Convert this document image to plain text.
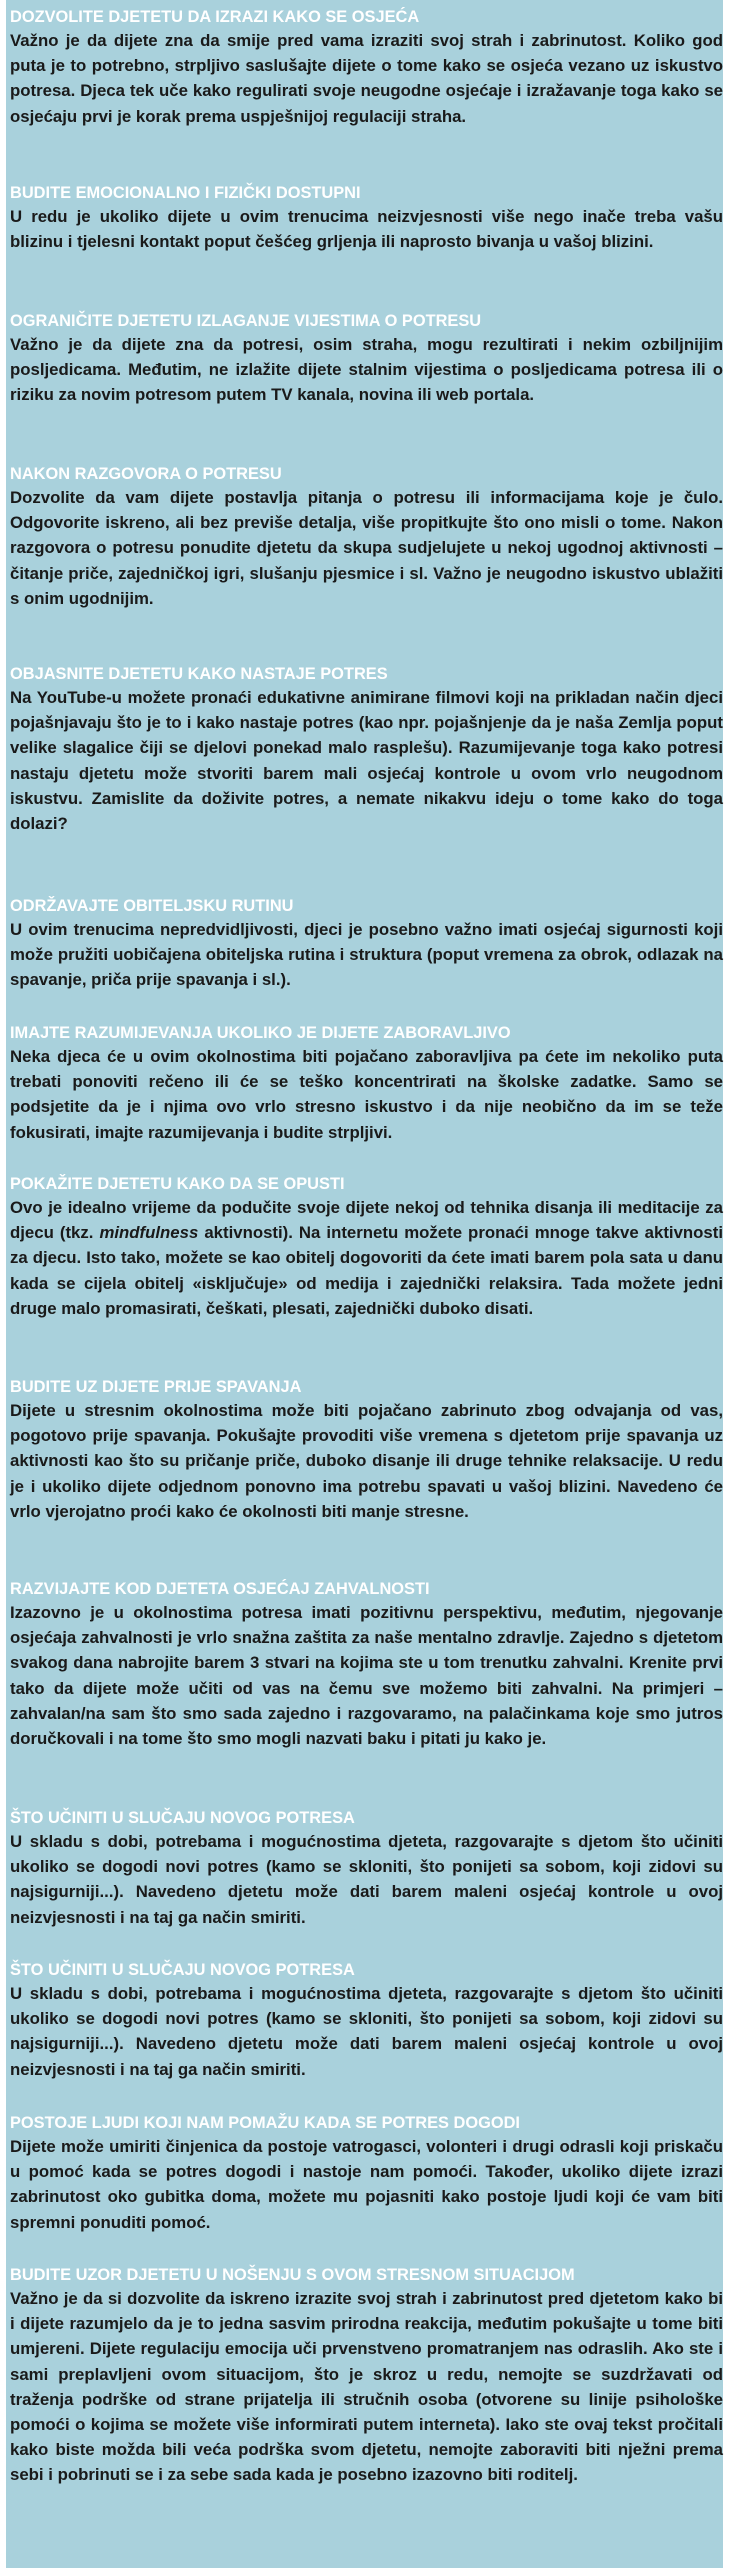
DOZVOLITE DJETETU DA IZRAZI KAKO SE OSJEĆA
Važno je da dijete zna da smije pred vama izraziti svoj strah i zabrinutost. Koliko god puta je to potrebno, strpljivo saslušajte dijete o tome kako se osjeća vezano uz iskustvo potresa. Djeca tek uče kako regulirati svoje neugodne osjećaje i izražavanje toga kako se osjećaju prvi je korak prema uspješnijoj regulaciji straha.
BUDITE EMOCIONALNO I FIZIČKI DOSTUPNI
U redu je ukoliko dijete u ovim trenucima neizvjesnosti više nego inače treba vašu blizinu i tjelesni kontakt poput češćeg grljenja ili naprosto bivanja u vašoj blizini.
OGRANIČITE DJETETU IZLAGANJE VIJESTIMA O POTRESU
Važno je da dijete zna da potresi, osim straha, mogu rezultirati i nekim ozbiljnijim posljedicama. Međutim, ne izlažite dijete stalnim vijestima o posljedicama potresa ili o riziku za novim potresom putem TV kanala, novina ili web portala.
NAKON RAZGOVORA O POTRESU
Dozvolite da vam dijete postavlja pitanja o potresu ili informacijama koje je čulo. Odgovorite iskreno, ali bez previše detalja, više propitkujte što ono misli o tome. Nakon razgovora o potresu ponudite djetetu da skupa sudjelujete u nekoj ugodnoj aktivnosti – čitanje priče, zajedničkoj igri, slušanju pjesmice i sl. Važno je neugodno iskustvo ublažiti s onim ugodnijim.
OBJASNITE DJETETU KAKO NASTAJE POTRES
Na YouTube-u možete pronaći edukativne animirane filmovi koji na prikladan način djeci pojašnjavaju što je to i kako nastaje potres (kao npr. pojašnjenje da je naša Zemlja poput velike slagalice čiji se djelovi ponekad malo rasplešu). Razumijevanje toga kako potresi nastaju djetetu može stvoriti barem mali osjećaj kontrole u ovom vrlo neugodnom iskustvu. Zamislite da doživite potres, a nemate nikakvu ideju o tome kako do toga dolazi?
ODRŽAVAJTE OBITELJSKU RUTINU
U ovim trenucima nepredvidljivosti, djeci je posebno važno imati osjećaj sigurnosti koji može pružiti uobičajena obiteljska rutina i struktura (poput vremena za obrok, odlazak na spavanje, priča prije spavanja i sl.).
IMAJTE RAZUMIJEVANJA UKOLIKO JE DIJETE ZABORAVLJIVO
Neka djeca će u ovim okolnostima biti pojačano zaboravljiva pa ćete im nekoliko puta trebati ponoviti rečeno ili će se teško koncentrirati na školske zadatke. Samo se podsjetite da je i njima ovo vrlo stresno iskustvo i da nije neobično da im se teže fokusirati, imajte razumijevanja i budite strpljivi.
POKAŽITE DJETETU KAKO DA SE OPUSTI
Ovo je idealno vrijeme da podučite svoje dijete nekoj od tehnika disanja ili meditacije za djecu (tkz. mindfulness aktivnosti). Na internetu možete pronaći mnoge takve aktivnosti za djecu. Isto tako, možete se kao obitelj dogovoriti da ćete imati barem pola sata u danu kada se cijela obitelj «isključuje» od medija i zajednički relaksira. Tada možete jedni druge malo promasirati, češkati, plesati, zajednički duboko disati.
BUDITE UZ DIJETE PRIJE SPAVANJA
Dijete u stresnim okolnostima može biti pojačano zabrinuto zbog odvajanja od vas, pogotovo prije spavanja. Pokušajte provoditi više vremena s djetetom prije spavanja uz aktivnosti kao što su pričanje priče, duboko disanje ili druge tehnike relaksacije. U redu je i ukoliko dijete odjednom ponovno ima potrebu spavati u vašoj blizini. Navedeno će vrlo vjerojatno proći kako će okolnosti biti manje stresne.
RAZVIJAJTE KOD DJETETA OSJEĆAJ ZAHVALNOSTI
Izazovno je u okolnostima potresa imati pozitivnu perspektivu, međutim, njegovanje osjećaja zahvalnosti je vrlo snažna zaštita za naše mentalno zdravlje. Zajedno s djetetom svakog dana nabrojite barem 3 stvari na kojima ste u tom trenutku zahvalni. Krenite prvi tako da dijete može učiti od vas na čemu sve možemo biti zahvalni. Na primjeri – zahvalan/na sam što smo sada zajedno i razgovaramo, na palačinkama koje smo jutros doručkovali i na tome što smo mogli nazvati baku i pitati ju kako je.
ŠTO UČINITI U SLUČAJU NOVOG POTRESA
U skladu s dobi, potrebama i mogućnostima djeteta, razgovarajte s djetom što učiniti ukoliko se dogodi novi potres (kamo se skloniti, što ponijeti sa sobom, koji zidovi su najsigurniji...). Navedeno djetetu može dati barem maleni osjećaj kontrole u ovoj neizvjesnosti i na taj ga način smiriti.
ŠTO UČINITI U SLUČAJU NOVOG POTRESA
U skladu s dobi, potrebama i mogućnostima djeteta, razgovarajte s djetom što učiniti ukoliko se dogodi novi potres (kamo se skloniti, što ponijeti sa sobom, koji zidovi su najsigurniji...). Navedeno djetetu može dati barem maleni osjećaj kontrole u ovoj neizvjesnosti i na taj ga način smiriti.
POSTOJE LJUDI KOJI NAM POMAŽU KADA SE POTRES DOGODI
Dijete može umiriti činjenica da postoje vatrogasci, volonteri i drugi odrasli koji priskaču u pomoć kada se potres dogodi i nastoje nam pomoći. Također, ukoliko dijete izrazi zabrinutost oko gubitka doma, možete mu pojasniti kako postoje ljudi koji će vam biti spremni ponuditi pomoć.
BUDITE UZOR DJETETU U NOŠENJU S OVOM STRESNOM SITUACIJOM
Važno je da si dozvolite da iskreno izrazite svoj strah i zabrinutost pred djetetom kako bi i dijete razumjelo da je to jedna sasvim prirodna reakcija, međutim pokušajte u tome biti umjereni. Dijete regulaciju emocija uči prvenstveno promatranjem nas odraslih. Ako ste i sami preplavljeni ovom situacijom, što je skroz u redu, nemojte se suzdržavati od traženja podrške od strane prijatelja ili stručnih osoba (otvorene su linije psihološke pomoći o kojima se možete više informirati putem interneta). Iako ste ovaj tekst pročitali kako biste možda bili veća podrška svom djetetu, nemojte zaboraviti biti nježni prema sebi i pobrinuti se i za sebe sada kada je posebno izazovno biti roditelj.
